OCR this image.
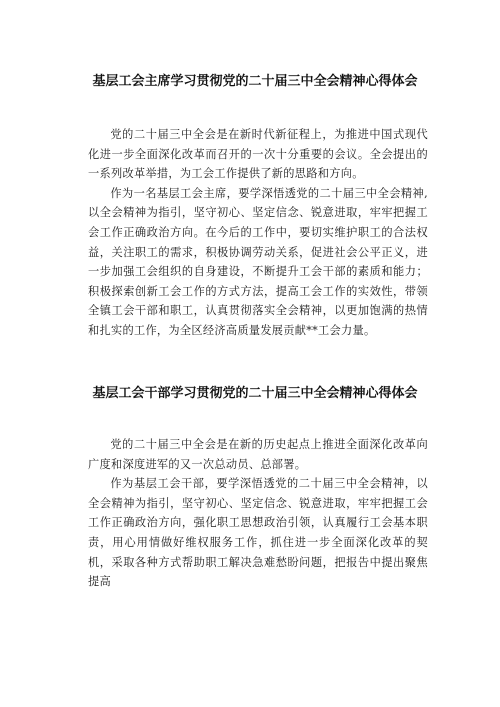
基层工会主席学习贯彻党的二十届三中全会精神心得体会

党的二十届三中全会是在新时代新征程上，为推进中国式现代化进一步全面深化改革而召开的一次十分重要的会议。全会提出的一系列改革举措，为工会工作提供了新的思路和方向。

作为一名基层工会主席，要学深悟透党的二十届三中全会精神,以全会精神为指引，坚守初心、坚定信念、锐意进取，牢牢把握工会工作正确政治方向。在今后的工作中，要切实维护职工的合法权益，关注职工的需求，积极协调劳动关系，促进社会公平正义，进一步加强工会组织的自身建设，不断提升工会干部的素质和能力；积极探索创新工会工作的方式方法，提高工会工作的实效性，带领全镇工会干部和职工，认真贯彻落实全会精神，以更加饱满的热情和扎实的工作，为全区经济高质量发展贡献**工会力量。

基层工会干部学习贯彻党的二十届三中全会精神心得体会

党的二十届三中全会是在新的历史起点上推进全面深化改革向广度和深度进军的又一次总动员、总部署。

作为基层工会干部，要学深悟透党的二十届三中全会精神，以全会精神为指引，坚守初心、坚定信念、锐意进取，牢牢把握工会工作正确政治方向，强化职工思想政治引领，认真履行工会基本职责，用心用情做好维权服务工作，抓住进一步全面深化改革的契机，采取各种方式帮助职工解决急难愁盼问题，把报告中提出聚焦提高
